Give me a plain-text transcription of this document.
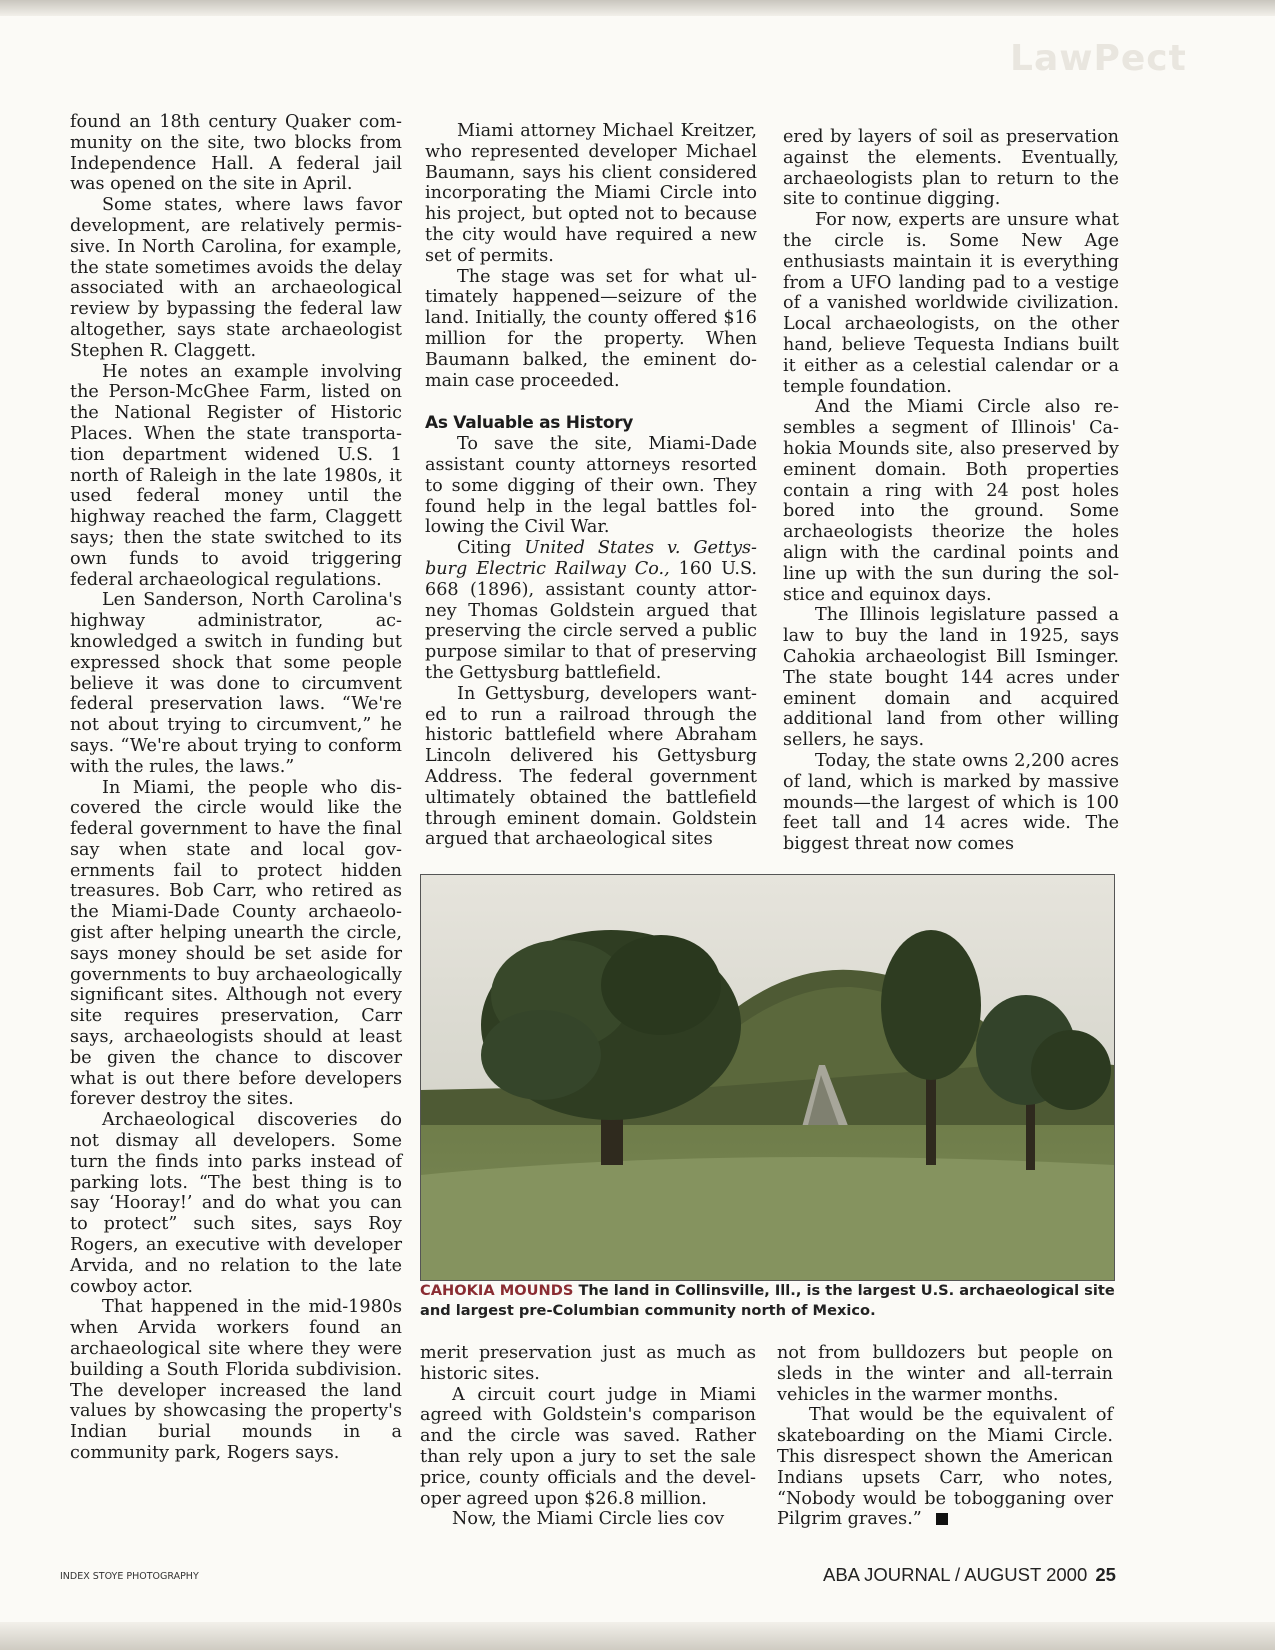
LawPect

found an 18th century Quaker community on the site, two blocks from Independence Hall. A federal jail was opened on the site in April.

Some states, where laws favor development, are relatively permissive. In North Carolina, for example, the state sometimes avoids the delay associated with an archaeological review by bypassing the federal law altogether, says state archaeologist Stephen R. Claggett.

He notes an example involving the Person-McGhee Farm, listed on the National Register of Historic Places. When the state transportation department widened U.S. 1 north of Raleigh in the late 1980s, it used federal money until the highway reached the farm, Claggett says; then the state switched to its own funds to avoid triggering federal archaeological regulations.

Len Sanderson, North Carolina's highway administrator, acknowledged a switch in funding but expressed shock that some people believe it was done to circumvent federal preservation laws. “We're not about trying to circumvent,” he says. “We're about trying to conform with the rules, the laws.”

In Miami, the people who discovered the circle would like the federal government to have the final say when state and local governments fail to protect hidden treasures. Bob Carr, who retired as the Miami-Dade County archaeologist after helping unearth the circle, says money should be set aside for governments to buy archaeologically significant sites. Although not every site requires preservation, Carr says, archaeologists should at least be given the chance to discover what is out there before developers forever destroy the sites.

Archaeological discoveries do not dismay all developers. Some turn the finds into parks instead of parking lots. “The best thing is to say ‘Hooray!’ and do what you can to protect” such sites, says Roy Rogers, an executive with developer Arvida, and no relation to the late cowboy actor.

That happened in the mid-1980s when Arvida workers found an archaeological site where they were building a South Florida subdivision. The developer increased the land values by showcasing the property's Indian burial mounds in a community park, Rogers says.

Miami attorney Michael Kreitzer, who represented developer Michael Baumann, says his client considered incorporating the Miami Circle into his project, but opted not to because the city would have required a new set of permits.

The stage was set for what ultimately happened—seizure of the land. Initially, the county offered $16 million for the property. When Baumann balked, the eminent domain case proceeded.

As Valuable as History

To save the site, Miami-Dade assistant county attorneys resorted to some digging of their own. They found help in the legal battles following the Civil War.

Citing United States v. Gettysburg Electric Railway Co., 160 U.S. 668 (1896), assistant county attorney Thomas Goldstein argued that preserving the circle served a public purpose similar to that of preserving the Gettysburg battlefield.

In Gettysburg, developers wanted to run a railroad through the historic battlefield where Abraham Lincoln delivered his Gettysburg Address. The federal government ultimately obtained the battlefield through eminent domain. Goldstein argued that archaeological sites

ered by layers of soil as preservation against the elements. Eventually, archaeologists plan to return to the site to continue digging.

For now, experts are unsure what the circle is. Some New Age enthusiasts maintain it is everything from a UFO landing pad to a vestige of a vanished worldwide civilization. Local archaeologists, on the other hand, believe Tequesta Indians built it either as a celestial calendar or a temple foundation.

And the Miami Circle also resembles a segment of Illinois' Cahokia Mounds site, also preserved by eminent domain. Both properties contain a ring with 24 post holes bored into the ground. Some archaeologists theorize the holes align with the cardinal points and line up with the sun during the solstice and equinox days.

The Illinois legislature passed a law to buy the land in 1925, says Cahokia archaeologist Bill Isminger. The state bought 144 acres under eminent domain and acquired additional land from other willing sellers, he says.

Today, the state owns 2,200 acres of land, which is marked by massive mounds—the largest of which is 100 feet tall and 14 acres wide. The biggest threat now comes

CAHOKIA MOUNDS The land in Collinsville, Ill., is the largest U.S. archaeological site and largest pre-Columbian community north of Mexico.

merit preservation just as much as historic sites.

A circuit court judge in Miami agreed with Goldstein's comparison and the circle was saved. Rather than rely upon a jury to set the sale price, county officials and the developer agreed upon $26.8 million.

Now, the Miami Circle lies cov

not from bulldozers but people on sleds in the winter and all-terrain vehicles in the warmer months.

That would be the equivalent of skateboarding on the Miami Circle. This disrespect shown the American Indians upsets Carr, who notes, “Nobody would be tobogganing over Pilgrim graves.”

INDEX STOYE PHOTOGRAPHY	ABA JOURNAL / AUGUST 2000 25
